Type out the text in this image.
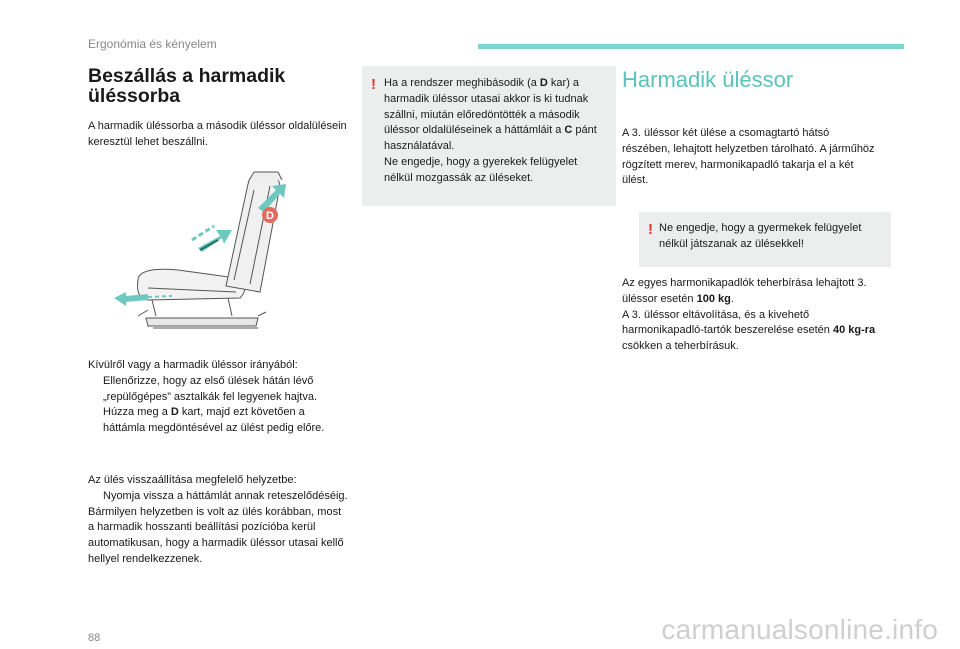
Ergonómia és kényelem
Beszállás a harmadik
üléssorba

A harmadik üléssorba a második üléssor oldalülésein keresztül lehet beszállni.

D

Kívülről vagy a harmadik üléssor irányából:

Ellenőrizze, hogy az első ülések hátán lévő „repülőgépes” asztalkák fel legyenek hajtva.
Húzza meg a D kart, majd ezt követően a háttámla megdöntésével az ülést pedig előre.

Az ülés visszaállítása megfelelő helyzetbe:

Nyomja vissza a háttámlát annak reteszelődéséig.

Bármilyen helyzetben is volt az ülés korábban, most a harmadik hosszanti beállítási pozícióba kerül automatikusan, hogy a harmadik üléssor utasai kellő hellyel rendelkezzenek.

! Ha a rendszer meghibásodik (a D kar) a harmadik üléssor utasai akkor is ki tudnak szállni, miután előredöntötték a második üléssor oldalüléseinek a háttámláit a C pánt használatával.

Ne engedje, hogy a gyerekek felügyelet nélkül mozgassák az üléseket.

Harmadik üléssor

A 3. üléssor két ülése a csomagtartó hátsó részében, lehajtott helyzetben tárolható. A járműhöz rögzített merev, harmonikapadló takarja el a két ülést.

! Ne engedje, hogy a gyermekek felügyelet nélkül játszanak az ülésekkel!

Az egyes harmonikapadlók teherbírása lehajtott 3. üléssor esetén 100 kg.

A 3. üléssor eltávolítása, és a kivehető harmonikapadló-tartók beszerelése esetén 40 kg-ra csökken a teherbírásuk.

88	carmanualsonline.info
